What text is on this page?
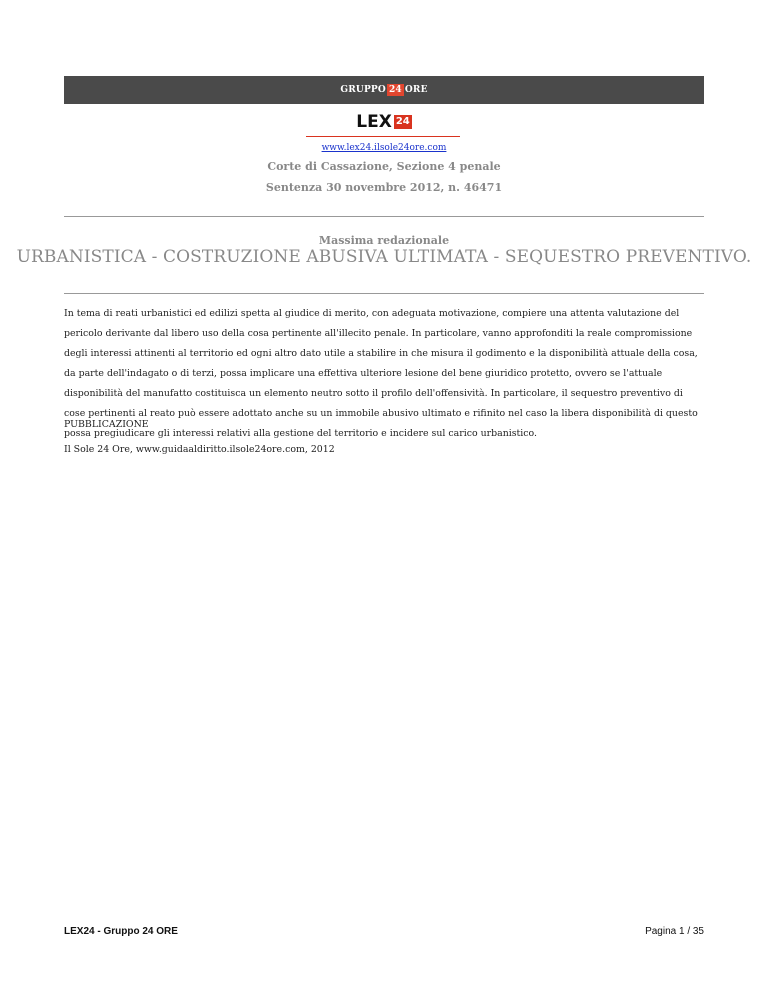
GRUPPO 24 ORE
LEX 24
www.lex24.ilsole24ore.com
Corte di Cassazione, Sezione 4 penale
Sentenza 30 novembre 2012, n. 46471
Massima redazionale
URBANISTICA - COSTRUZIONE ABUSIVA ULTIMATA - SEQUESTRO PREVENTIVO.

In tema di reati urbanistici ed edilizi spetta al giudice di merito, con adeguata motivazione, compiere una attenta valutazione del pericolo derivante dal libero uso della cosa pertinente all'illecito penale. In particolare, vanno approfonditi la reale compromissione degli interessi attinenti al territorio ed ogni altro dato utile a stabilire in che misura il godimento e la disponibilità attuale della cosa, da parte dell'indagato o di terzi, possa implicare una effettiva ulteriore lesione del bene giuridico protetto, ovvero se l'attuale disponibilità del manufatto costituisca un elemento neutro sotto il profilo dell'offensività. In particolare, il sequestro preventivo di cose pertinenti al reato può essere adottato anche su un immobile abusivo ultimato e rifinito nel caso la libera disponibilità di questo possa pregiudicare gli interessi relativi alla gestione del territorio e incidere sul carico urbanistico.

PUBBLICAZIONE
Il Sole 24 Ore, www.guidaaldiritto.ilsole24ore.com, 2012
LEX24 - Gruppo 24 ORE	Pagina 1 / 35
